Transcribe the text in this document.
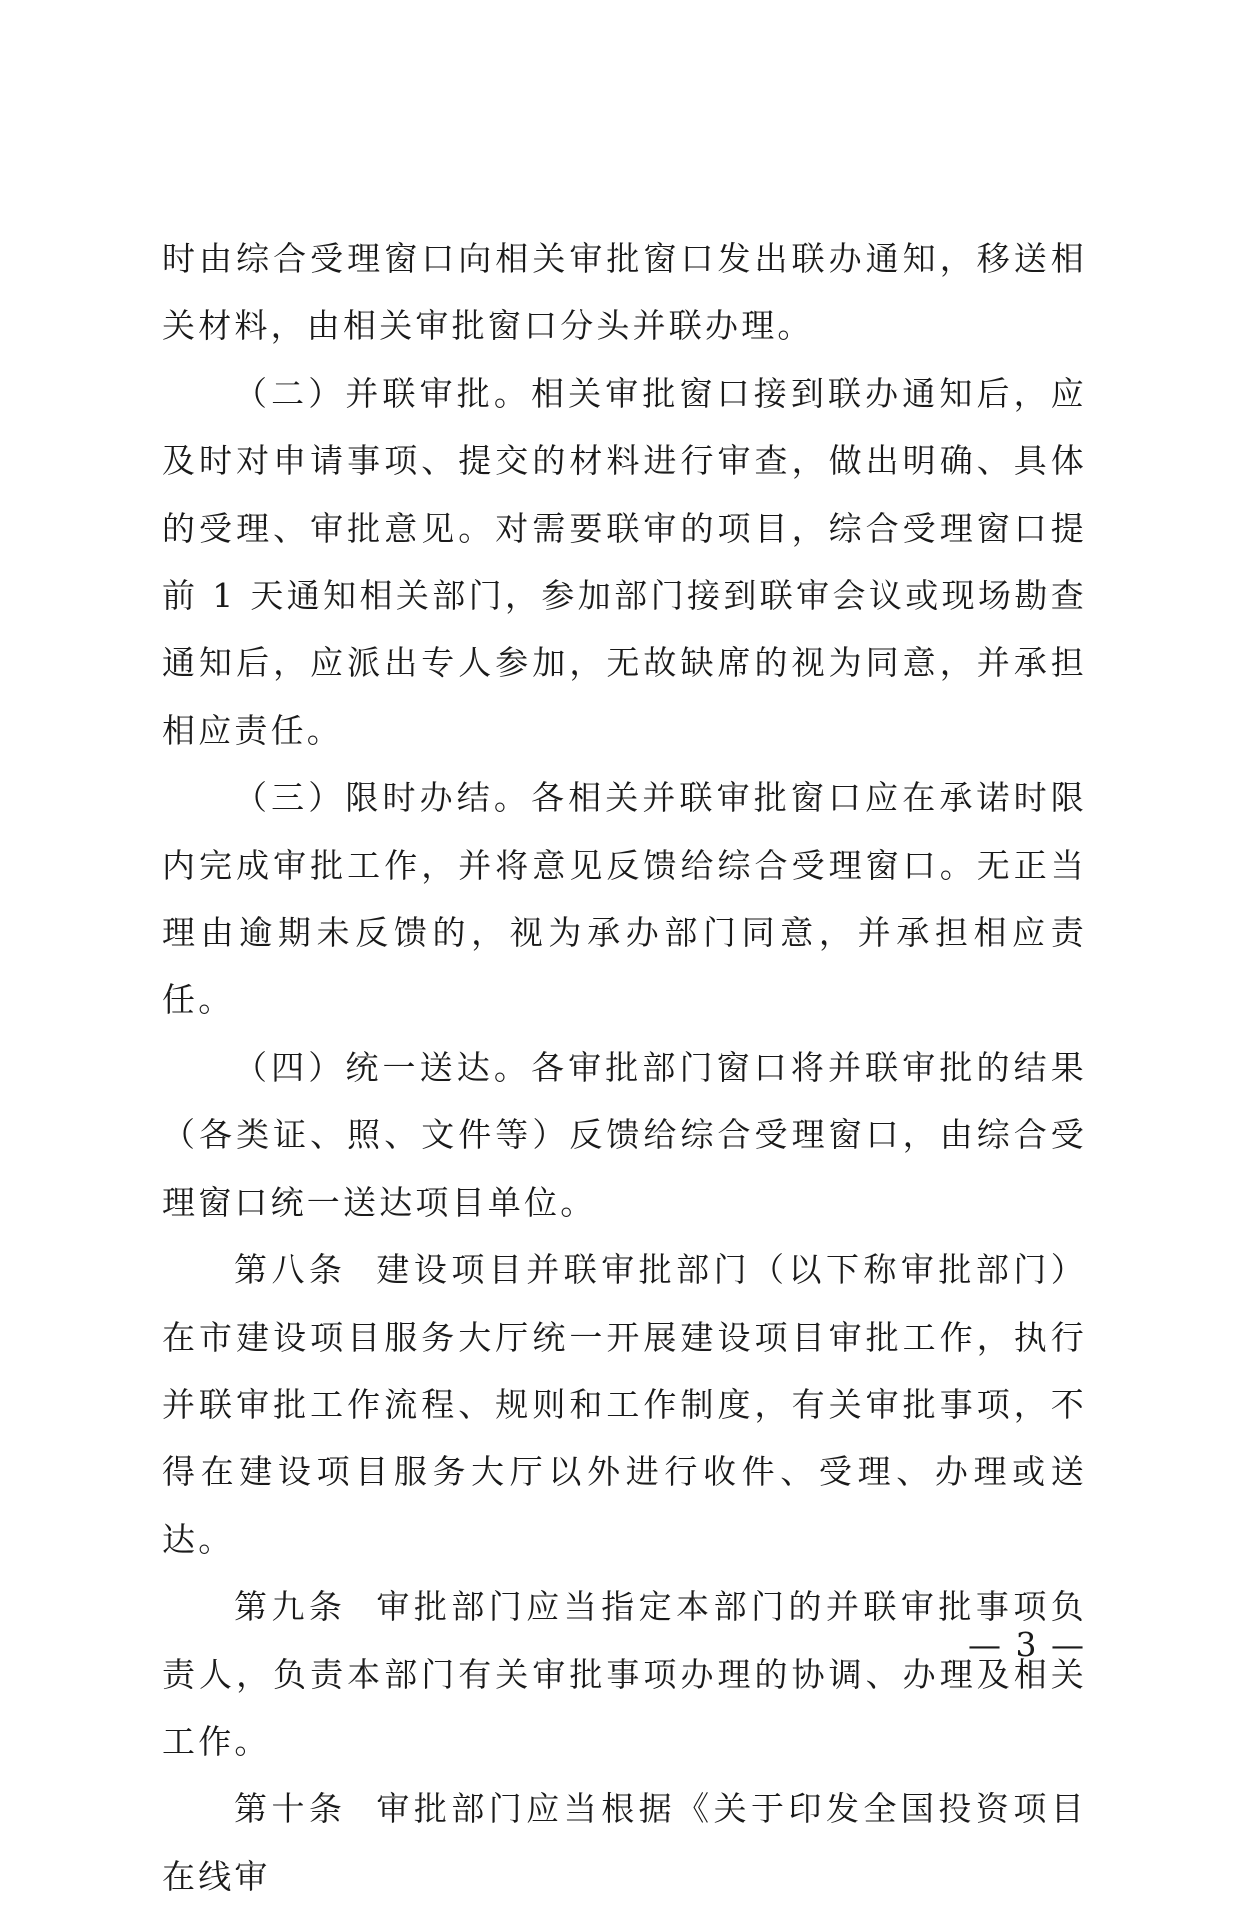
时由综合受理窗口向相关审批窗口发出联办通知，移送相关材料，由相关审批窗口分头并联办理。

（二）并联审批。相关审批窗口接到联办通知后，应及时对申请事项、提交的材料进行审查，做出明确、具体的受理、审批意见。对需要联审的项目，综合受理窗口提前 1 天通知相关部门，参加部门接到联审会议或现场勘查通知后，应派出专人参加，无故缺席的视为同意，并承担相应责任。

（三）限时办结。各相关并联审批窗口应在承诺时限内完成审批工作，并将意见反馈给综合受理窗口。无正当理由逾期未反馈的，视为承办部门同意，并承担相应责任。

（四）统一送达。各审批部门窗口将并联审批的结果（各类证、照、文件等）反馈给综合受理窗口，由综合受理窗口统一送达项目单位。

第八条 建设项目并联审批部门（以下称审批部门）在市建设项目服务大厅统一开展建设项目审批工作，执行并联审批工作流程、规则和工作制度，有关审批事项，不得在建设项目服务大厅以外进行收件、受理、办理或送达。

第九条 审批部门应当指定本部门的并联审批事项负责人，负责本部门有关审批事项办理的协调、办理及相关工作。

第十条 审批部门应当根据《关于印发全国投资项目在线审

— 3 —
